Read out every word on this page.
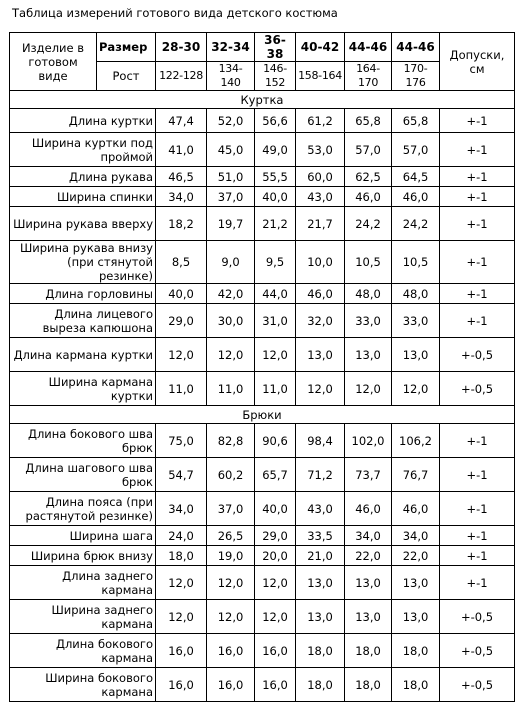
Таблица измерений готового вида детского костюма
Изделие в готовом виде	Размер	28-30	32-34	36-38	40-42	44-46	44-46	Допуски, см
	Рост	122-128	134-140	146-152	158-164	164-170	170-176	
Куртка								
Длина куртки		47,4	52,0	56,6	61,2	65,8	65,8	+-1
Ширина куртки под проймой		41,0	45,0	49,0	53,0	57,0	57,0	+-1
Длина рукава		46,5	51,0	55,5	60,0	62,5	64,5	+-1
Ширина спинки		34,0	37,0	40,0	43,0	46,0	46,0	+-1
Ширина рукава вверху		18,2	19,7	21,2	21,7	24,2	24,2	+-1
Ширина рукава внизу (при стянутой резинке)		8,5	9,0	9,5	10,0	10,5	10,5	+-1
Длина горловины		40,0	42,0	44,0	46,0	48,0	48,0	+-1
Длина лицевого выреза капюшона		29,0	30,0	31,0	32,0	33,0	33,0	+-1
Длина кармана куртки		12,0	12,0	12,0	13,0	13,0	13,0	+-0,5
Ширина кармана куртки		11,0	11,0	11,0	12,0	12,0	12,0	+-0,5
Брюки								
Длина бокового шва брюк		75,0	82,8	90,6	98,4	102,0	106,2	+-1
Длина шагового шва брюк		54,7	60,2	65,7	71,2	73,7	76,7	+-1
Длина пояса (при растянутой резинке)		34,0	37,0	40,0	43,0	46,0	46,0	+-1
Ширина шага		24,0	26,5	29,0	33,5	34,0	34,0	+-1
Ширина брюк внизу		18,0	19,0	20,0	21,0	22,0	22,0	+-1
Длина заднего кармана		12,0	12,0	12,0	13,0	13,0	13,0	+-1
Ширина заднего кармана		12,0	12,0	12,0	13,0	13,0	13,0	+-0,5
Длина бокового кармана		16,0	16,0	16,0	18,0	18,0	18,0	+-0,5
Ширина бокового кармана		16,0	16,0	16,0	18,0	18,0	18,0	+-0,5
